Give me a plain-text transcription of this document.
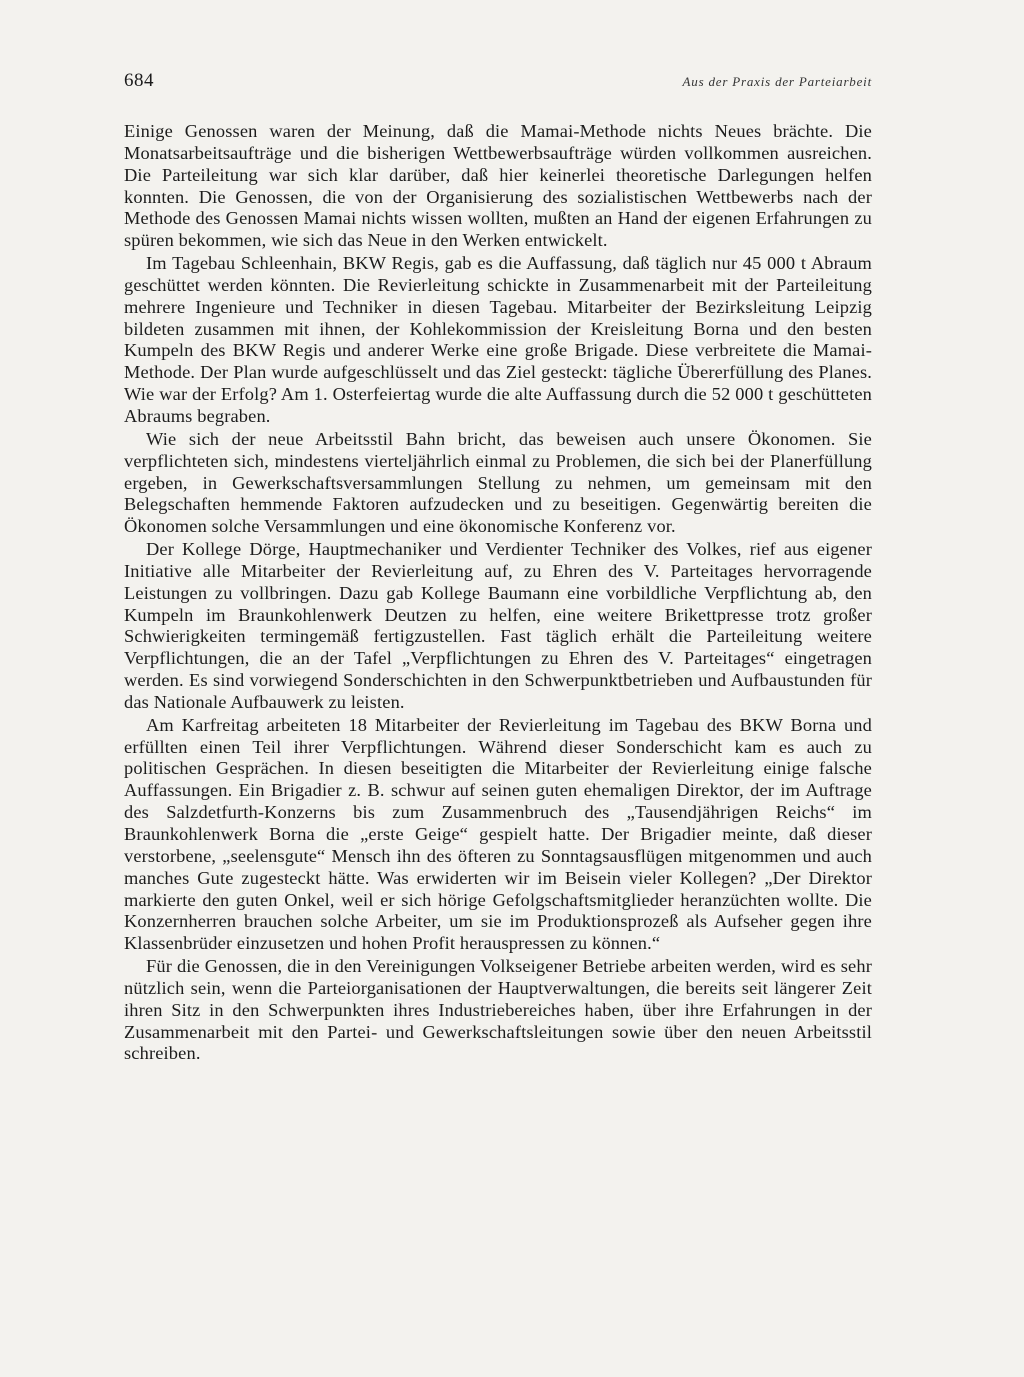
684	Aus der Praxis der Parteiarbeit

Einige Genossen waren der Meinung, daß die Mamai-Methode nichts Neues brächte. Die Monatsarbeitsaufträge und die bisherigen Wettbewerbsaufträge würden vollkommen ausreichen. Die Parteileitung war sich klar darüber, daß hier keinerlei theoretische Darlegungen helfen konnten. Die Genossen, die von der Organisierung des sozialistischen Wettbewerbs nach der Methode des Genossen Mamai nichts wissen wollten, mußten an Hand der eigenen Erfahrungen zu spüren bekommen, wie sich das Neue in den Werken entwickelt.

Im Tagebau Schleenhain, BKW Regis, gab es die Auffassung, daß täglich nur 45 000 t Abraum geschüttet werden könnten. Die Revierleitung schickte in Zusammenarbeit mit der Parteileitung mehrere Ingenieure und Techniker in diesen Tagebau. Mitarbeiter der Bezirksleitung Leipzig bildeten zusammen mit ihnen, der Kohlekommission der Kreisleitung Borna und den besten Kumpeln des BKW Regis und anderer Werke eine große Brigade. Diese verbreitete die Mamai-Methode. Der Plan wurde aufgeschlüsselt und das Ziel gesteckt: tägliche Übererfüllung des Planes. Wie war der Erfolg? Am 1. Osterfeiertag wurde die alte Auffassung durch die 52 000 t geschütteten Abraums begraben.

Wie sich der neue Arbeitsstil Bahn bricht, das beweisen auch unsere Ökonomen. Sie verpflichteten sich, mindestens vierteljährlich einmal zu Problemen, die sich bei der Planerfüllung ergeben, in Gewerkschaftsversammlungen Stellung zu nehmen, um gemeinsam mit den Belegschaften hemmende Faktoren aufzudecken und zu beseitigen. Gegenwärtig bereiten die Ökonomen solche Versammlungen und eine ökonomische Konferenz vor.

Der Kollege Dörge, Hauptmechaniker und Verdienter Techniker des Volkes, rief aus eigener Initiative alle Mitarbeiter der Revierleitung auf, zu Ehren des V. Parteitages hervorragende Leistungen zu vollbringen. Dazu gab Kollege Baumann eine vorbildliche Verpflichtung ab, den Kumpeln im Braunkohlenwerk Deutzen zu helfen, eine weitere Brikettpresse trotz großer Schwierigkeiten termingemäß fertigzustellen. Fast täglich erhält die Parteileitung weitere Verpflichtungen, die an der Tafel „Verpflichtungen zu Ehren des V. Parteitages“ eingetragen werden. Es sind vorwiegend Sonderschichten in den Schwerpunktbetrieben und Aufbaustunden für das Nationale Aufbauwerk zu leisten.

Am Karfreitag arbeiteten 18 Mitarbeiter der Revierleitung im Tagebau des BKW Borna und erfüllten einen Teil ihrer Verpflichtungen. Während dieser Sonderschicht kam es auch zu politischen Gesprächen. In diesen beseitigten die Mitarbeiter der Revierleitung einige falsche Auffassungen. Ein Brigadier z. B. schwur auf seinen guten ehemaligen Direktor, der im Auftrage des Salzdetfurth-Konzerns bis zum Zusammenbruch des „Tausendjährigen Reichs“ im Braunkohlenwerk Borna die „erste Geige“ gespielt hatte. Der Brigadier meinte, daß dieser verstorbene, „seelensgute“ Mensch ihn des öfteren zu Sonntagsausflügen mitgenommen und auch manches Gute zugesteckt hätte. Was erwiderten wir im Beisein vieler Kollegen? „Der Direktor markierte den guten Onkel, weil er sich hörige Gefolgschaftsmitglieder heranzüchten wollte. Die Konzernherren brauchen solche Arbeiter, um sie im Produktionsprozeß als Aufseher gegen ihre Klassenbrüder einzusetzen und hohen Profit herauspressen zu können.“

Für die Genossen, die in den Vereinigungen Volkseigener Betriebe arbeiten werden, wird es sehr nützlich sein, wenn die Parteiorganisationen der Hauptverwaltungen, die bereits seit längerer Zeit ihren Sitz in den Schwerpunkten ihres Industriebereiches haben, über ihre Erfahrungen in der Zusammenarbeit mit den Partei- und Gewerkschaftsleitungen sowie über den neuen Arbeitsstil schreiben.
